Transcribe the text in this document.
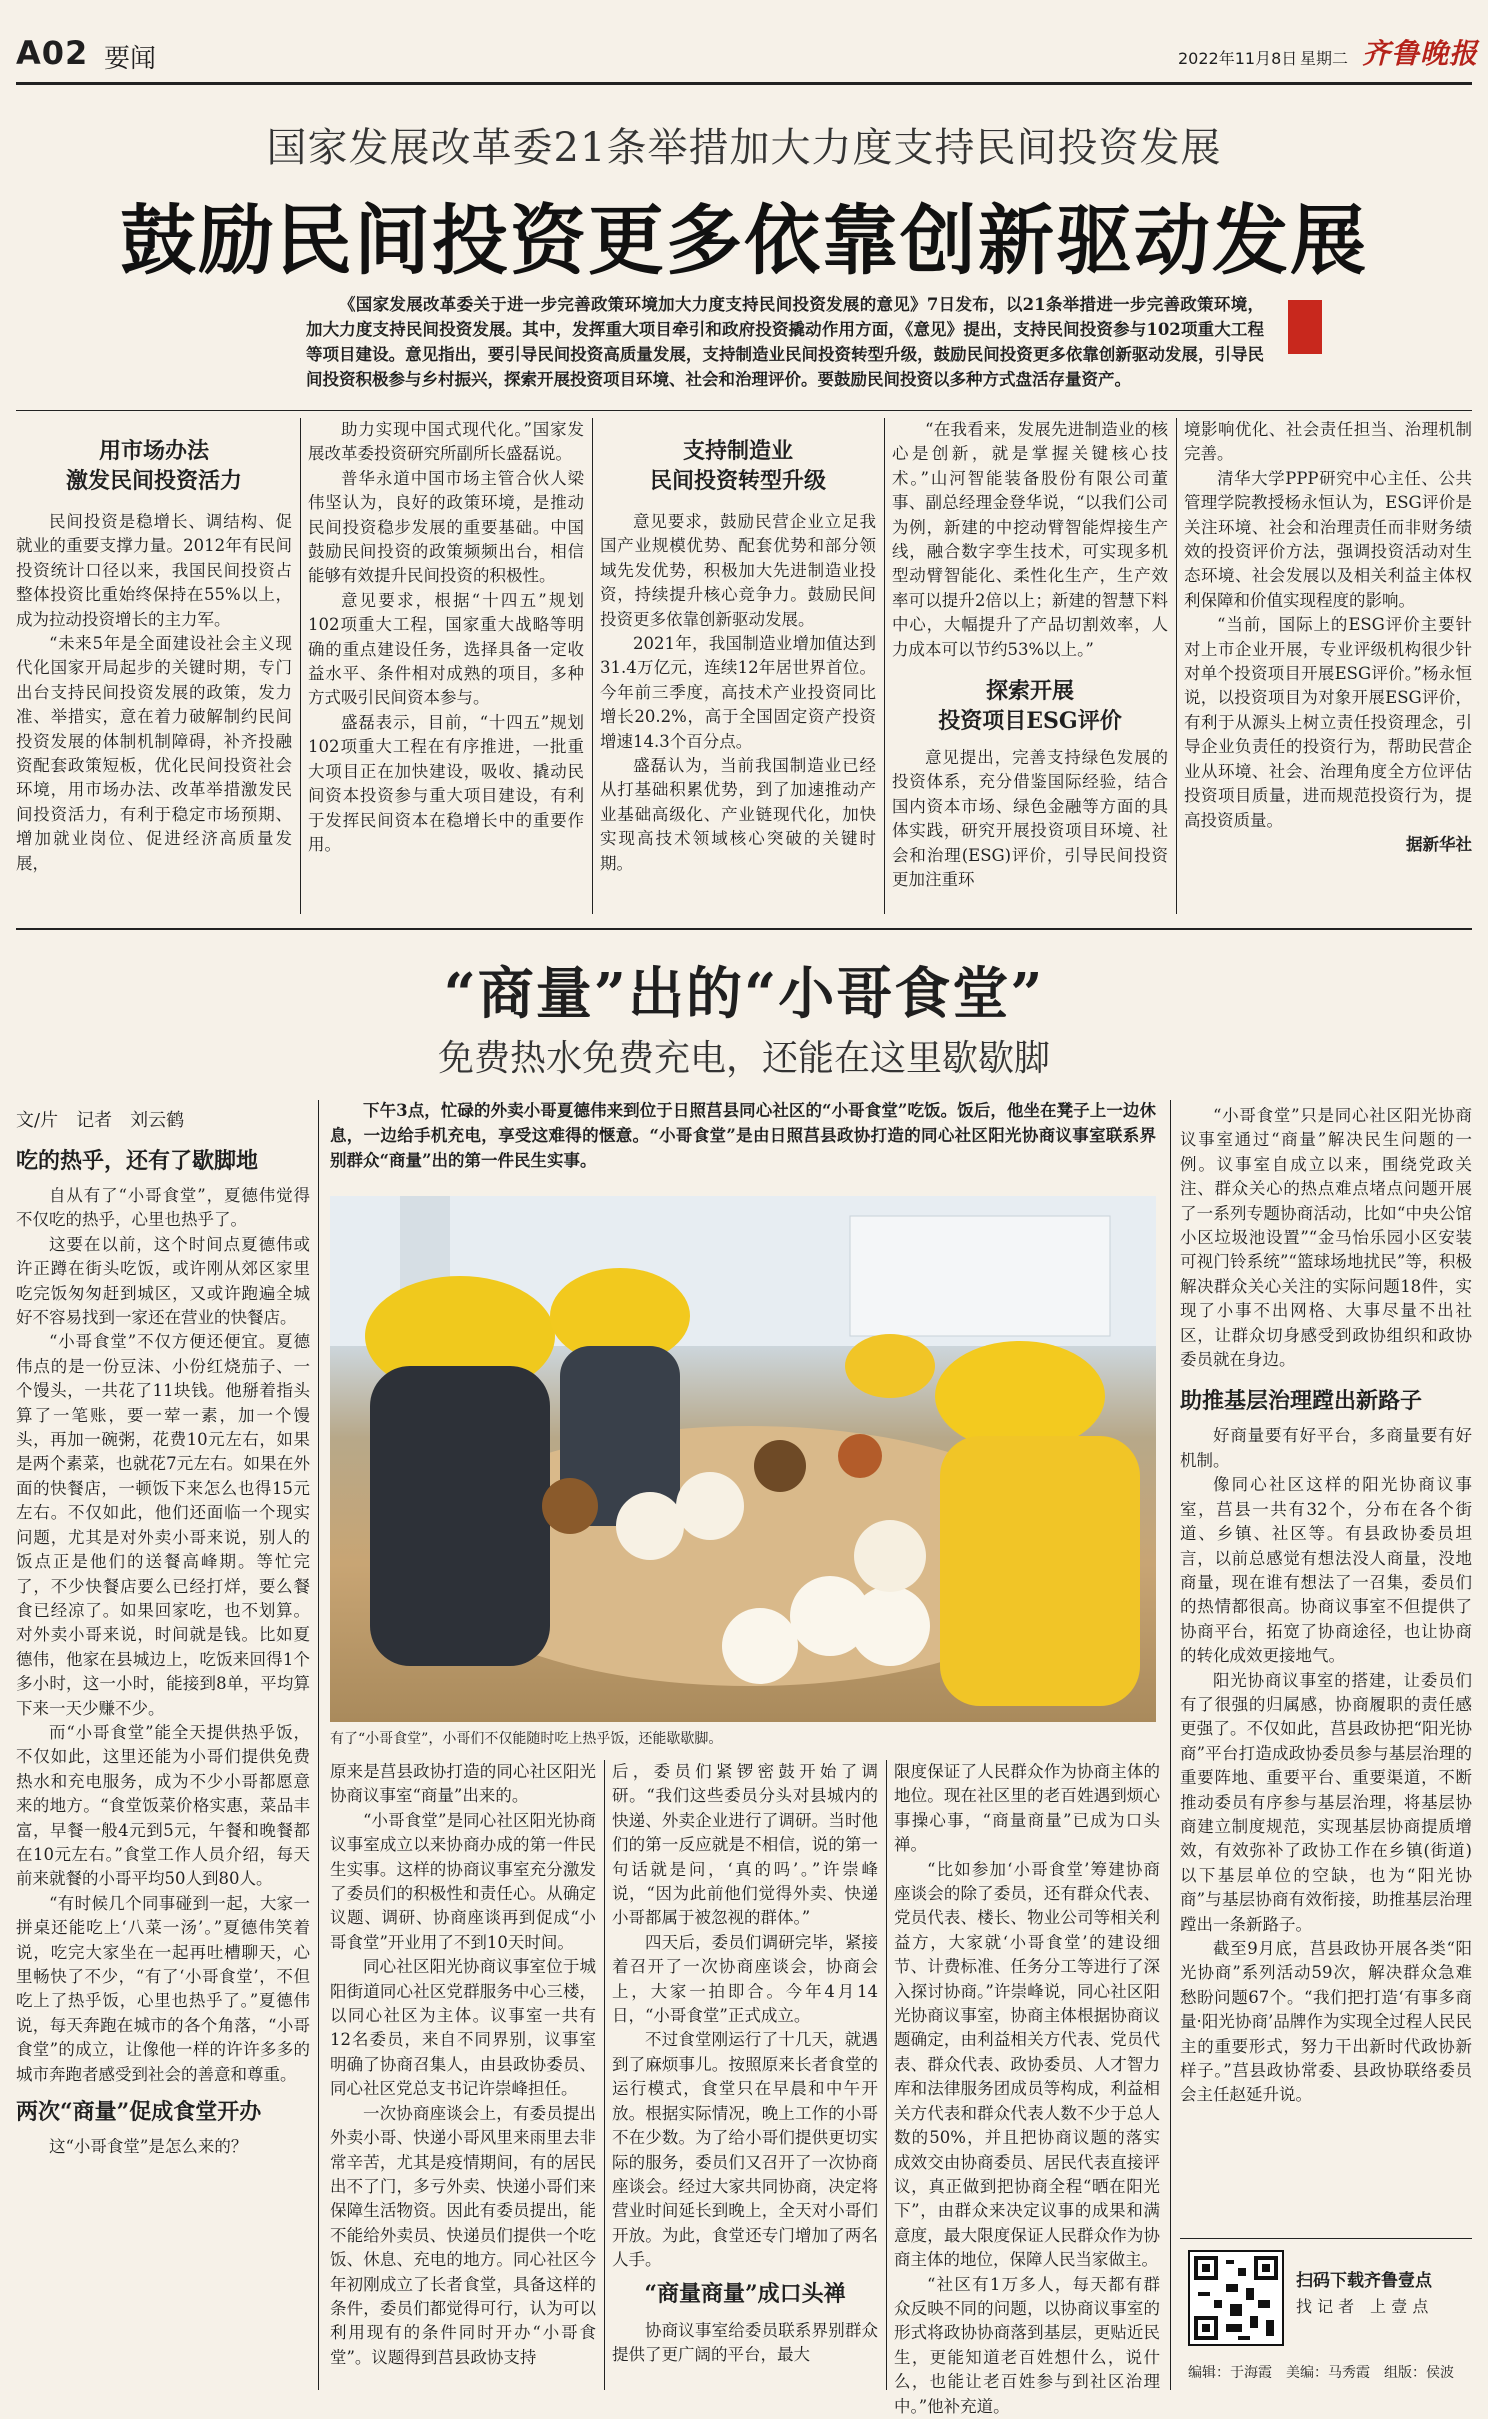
A02 要闻	2022年11月8日 星期二 齐鲁晚报
国家发展改革委21条举措加大力度支持民间投资发展
鼓励民间投资更多依靠创新驱动发展

《国家发展改革委关于进一步完善政策环境加大力度支持民间投资发展的意见》7日发布，以21条举措进一步完善政策环境，加大力度支持民间投资发展。其中，发挥重大项目牵引和政府投资撬动作用方面，《意见》提出，支持民间投资参与102项重大工程等项目建设。意见指出，要引导民间投资高质量发展，支持制造业民间投资转型升级，鼓励民间投资更多依靠创新驱动发展，引导民间投资积极参与乡村振兴，探索开展投资项目环境、社会和治理评价。要鼓励民间投资以多种方式盘活存量资产。

用市场办法
激发民间投资活力

民间投资是稳增长、调结构、促就业的重要支撑力量。2012年有民间投资统计口径以来，我国民间投资占整体投资比重始终保持在55%以上，成为拉动投资增长的主力军。

“未来5年是全面建设社会主义现代化国家开局起步的关键时期，专门出台支持民间投资发展的政策，发力准、举措实，意在着力破解制约民间投资发展的体制机制障碍，补齐投融资配套政策短板，优化民间投资社会环境，用市场办法、改革举措激发民间投资活力，有利于稳定市场预期、增加就业岗位、促进经济高质量发展，

助力实现中国式现代化。”国家发展改革委投资研究所副所长盛磊说。

普华永道中国市场主管合伙人梁伟坚认为，良好的政策环境，是推动民间投资稳步发展的重要基础。中国鼓励民间投资的政策频频出台，相信能够有效提升民间投资的积极性。

意见要求，根据“十四五”规划102项重大工程，国家重大战略等明确的重点建设任务，选择具备一定收益水平、条件相对成熟的项目，多种方式吸引民间资本参与。

盛磊表示，目前，“十四五”规划102项重大工程在有序推进，一批重大项目正在加快建设，吸收、撬动民间资本投资参与重大项目建设，有利于发挥民间资本在稳增长中的重要作用。

支持制造业
民间投资转型升级

意见要求，鼓励民营企业立足我国产业规模优势、配套优势和部分领域先发优势，积极加大先进制造业投资，持续提升核心竞争力。鼓励民间投资更多依靠创新驱动发展。

2021年，我国制造业增加值达到31.4万亿元，连续12年居世界首位。今年前三季度，高技术产业投资同比增长20.2%，高于全国固定资产投资增速14.3个百分点。

盛磊认为，当前我国制造业已经从打基础积累优势，到了加速推动产业基础高级化、产业链现代化，加快实现高技术领域核心突破的关键时期。

“在我看来，发展先进制造业的核心是创新，就是掌握关键核心技术。”山河智能装备股份有限公司董事、副总经理金登华说，“以我们公司为例，新建的中挖动臂智能焊接生产线，融合数字孪生技术，可实现多机型动臂智能化、柔性化生产，生产效率可以提升2倍以上；新建的智慧下料中心，大幅提升了产品切割效率，人力成本可以节约53%以上。”

探索开展
投资项目ESG评价

意见提出，完善支持绿色发展的投资体系，充分借鉴国际经验，结合国内资本市场、绿色金融等方面的具体实践，研究开展投资项目环境、社会和治理(ESG)评价，引导民间投资更加注重环

境影响优化、社会责任担当、治理机制完善。

清华大学PPP研究中心主任、公共管理学院教授杨永恒认为，ESG评价是关注环境、社会和治理责任而非财务绩效的投资评价方法，强调投资活动对生态环境、社会发展以及相关利益主体权利保障和价值实现程度的影响。

“当前，国际上的ESG评价主要针对上市企业开展，专业评级机构很少针对单个投资项目开展ESG评价。”杨永恒说，以投资项目为对象开展ESG评价，有利于从源头上树立责任投资理念，引导企业负责任的投资行为，帮助民营企业从环境、社会、治理角度全方位评估投资项目质量，进而规范投资行为，提高投资质量。

据新华社
“商量”出的“小哥食堂”
免费热水免费充电，还能在这里歇歇脚
文/片　记者　刘云鹤	下午3点，忙碌的外卖小哥夏德伟来到位于日照莒县同心社区的“小哥食堂”吃饭。饭后，他坐在凳子上一边休息，一边给手机充电，享受这难得的惬意。“小哥食堂”是由日照莒县政协打造的同心社区阳光协商议事室联系界别群众“商量”出的第一件民生实事。

有了“小哥食堂”，小哥们不仅能随时吃上热乎饭，还能歇歇脚。
吃的热乎，还有了歇脚地

自从有了“小哥食堂”，夏德伟觉得不仅吃的热乎，心里也热乎了。

这要在以前，这个时间点夏德伟或许正蹲在街头吃饭，或许刚从郊区家里吃完饭匆匆赶到城区，又或许跑遍全城好不容易找到一家还在营业的快餐店。

“小哥食堂”不仅方便还便宜。夏德伟点的是一份豆沫、小份红烧茄子、一个馒头，一共花了11块钱。他掰着指头算了一笔账，要一荤一素，加一个馒头，再加一碗粥，花费10元左右，如果是两个素菜，也就花7元左右。如果在外面的快餐店，一顿饭下来怎么也得15元左右。不仅如此，他们还面临一个现实问题，尤其是对外卖小哥来说，别人的饭点正是他们的送餐高峰期。等忙完了，不少快餐店要么已经打烊，要么餐食已经凉了。如果回家吃，也不划算。对外卖小哥来说，时间就是钱。比如夏德伟，他家在县城边上，吃饭来回得1个多小时，这一小时，能接到8单，平均算下来一天少赚不少。

而“小哥食堂”能全天提供热乎饭，不仅如此，这里还能为小哥们提供免费热水和充电服务，成为不少小哥都愿意来的地方。“食堂饭菜价格实惠，菜品丰富，早餐一般4元到5元，午餐和晚餐都在10元左右。”食堂工作人员介绍，每天前来就餐的小哥平均50人到80人。

“有时候几个同事碰到一起，大家一拼桌还能吃上‘八菜一汤’。”夏德伟笑着说，吃完大家坐在一起再吐槽聊天，心里畅快了不少，“有了‘小哥食堂’，不但吃上了热乎饭，心里也热乎了。”夏德伟说，每天奔跑在城市的各个角落，“小哥食堂”的成立，让像他一样的许许多多的城市奔跑者感受到社会的善意和尊重。

两次“商量”促成食堂开办

这“小哥食堂”是怎么来的？

原来是莒县政协打造的同心社区阳光协商议事室“商量”出来的。

“小哥食堂”是同心社区阳光协商议事室成立以来协商办成的第一件民生实事。这样的协商议事室充分激发了委员们的积极性和责任心。从确定议题、调研、协商座谈再到促成“小哥食堂”开业用了不到10天时间。

同心社区阳光协商议事室位于城阳街道同心社区党群服务中心三楼，以同心社区为主体。议事室一共有12名委员，来自不同界别，议事室明确了协商召集人，由县政协委员、同心社区党总支书记许崇峰担任。

一次协商座谈会上，有委员提出外卖小哥、快递小哥风里来雨里去非常辛苦，尤其是疫情期间，有的居民出不了门，多亏外卖、快递小哥们来保障生活物资。因此有委员提出，能不能给外卖员、快递员们提供一个吃饭、休息、充电的地方。同心社区今年初刚成立了长者食堂，具备这样的条件，委员们都觉得可行，认为可以利用现有的条件同时开办“小哥食堂”。议题得到莒县政协支持

后，委员们紧锣密鼓开始了调研。“我们这些委员分头对县城内的快递、外卖企业进行了调研。当时他们的第一反应就是不相信，说的第一句话就是问，‘真的吗’。”许崇峰说，“因为此前他们觉得外卖、快递小哥都属于被忽视的群体。”

四天后，委员们调研完毕，紧接着召开了一次协商座谈会，协商会上，大家一拍即合。今年4月14日，“小哥食堂”正式成立。

不过食堂刚运行了十几天，就遇到了麻烦事儿。按照原来长者食堂的运行模式，食堂只在早晨和中午开放。根据实际情况，晚上工作的小哥不在少数。为了给小哥们提供更切实际的服务，委员们又召开了一次协商座谈会。经过大家共同协商，决定将营业时间延长到晚上，全天对小哥们开放。为此，食堂还专门增加了两名人手。

“商量商量”成口头禅

协商议事室给委员联系界别群众提供了更广阔的平台，最大

限度保证了人民群众作为协商主体的地位。现在社区里的老百姓遇到烦心事操心事，“商量商量”已成为口头禅。

“比如参加‘小哥食堂’筹建协商座谈会的除了委员，还有群众代表、党员代表、楼长、物业公司等相关利益方，大家就‘小哥食堂’的建设细节、计费标准、任务分工等进行了深入探讨协商。”许崇峰说，同心社区阳光协商议事室，协商主体根据协商议题确定，由利益相关方代表、党员代表、群众代表、政协委员、人才智力库和法律服务团成员等构成，利益相关方代表和群众代表人数不少于总人数的50%，并且把协商议题的落实成效交由协商委员、居民代表直接评议，真正做到把协商全程“晒在阳光下”，由群众来决定议事的成果和满意度，最大限度保证人民群众作为协商主体的地位，保障人民当家做主。

“社区有1万多人，每天都有群众反映不同的问题，以协商议事室的形式将政协协商落到基层，更贴近民生，更能知道老百姓想什么，说什么，也能让老百姓参与到社区治理中。”他补充道。

“小哥食堂”只是同心社区阳光协商议事室通过“商量”解决民生问题的一例。议事室自成立以来，围绕党政关注、群众关心的热点难点堵点问题开展了一系列专题协商活动，比如“中央公馆小区垃圾池设置”“金马怡乐园小区安装可视门铃系统”“篮球场地扰民”等，积极解决群众关心关注的实际问题18件，实现了小事不出网格、大事尽量不出社区，让群众切身感受到政协组织和政协委员就在身边。

助推基层治理蹚出新路子

好商量要有好平台，多商量要有好机制。

像同心社区这样的阳光协商议事室，莒县一共有32个，分布在各个街道、乡镇、社区等。有县政协委员坦言，以前总感觉有想法没人商量，没地商量，现在谁有想法了一召集，委员们的热情都很高。协商议事室不但提供了协商平台，拓宽了协商途径，也让协商的转化成效更接地气。

阳光协商议事室的搭建，让委员们有了很强的归属感，协商履职的责任感更强了。不仅如此，莒县政协把“阳光协商”平台打造成政协委员参与基层治理的重要阵地、重要平台、重要渠道，不断推动委员有序参与基层治理，将基层协商建立制度规范，实现基层协商提质增效，有效弥补了政协工作在乡镇(街道)以下基层单位的空缺，也为“阳光协商”与基层协商有效衔接，助推基层治理蹚出一条新路子。

截至9月底，莒县政协开展各类“阳光协商”系列活动59次，解决群众急难愁盼问题67个。“我们把打造‘有事多商量·阳光协商’品牌作为实现全过程人民民主的重要形式，努力干出新时代政协新样子。”莒县政协常委、县政协联络委员会主任赵延升说。

扫码下载齐鲁壹点
找 记 者　上 壹 点
编辑：于海霞　美编：马秀霞　组版：侯波
